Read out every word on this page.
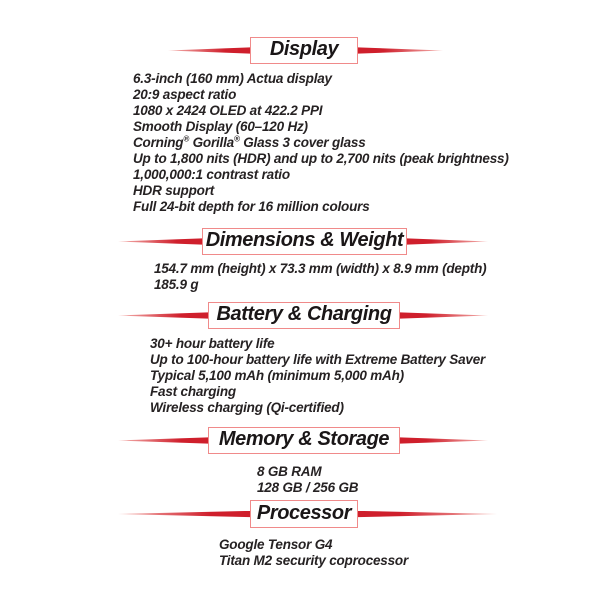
Display
6.3-inch (160 mm) Actua display
20:9 aspect ratio
1080 x 2424 OLED at 422.2 PPI
Smooth Display (60–120 Hz)
Corning® Gorilla® Glass 3 cover glass
Up to 1,800 nits (HDR) and up to 2,700 nits (peak brightness)
1,000,000:1 contrast ratio
HDR support
Full 24-bit depth for 16 million colours
Dimensions & Weight
154.7 mm (height) x 73.3 mm (width) x 8.9 mm (depth)
185.9 g
Battery & Charging
30+ hour battery life
Up to 100-hour battery life with Extreme Battery Saver
Typical 5,100 mAh (minimum 5,000 mAh)
Fast charging
Wireless charging (Qi-certified)
Memory & Storage
8 GB RAM
128 GB / 256 GB
Processor
Google Tensor G4
Titan M2 security coprocessor
